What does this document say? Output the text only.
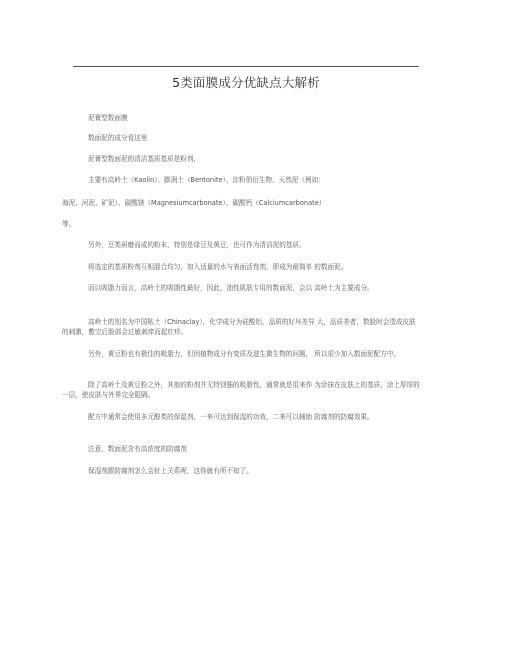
5类面膜成分优缺点大解析

泥膏型数面膜

数面泥的成分看这里

泥膏型数面泥的清洁基质基质是粉剂，

主要有高岭土（Kaolin）、膨润土（Bentonite）、淀粉俏衍生物、天然泥（例如：

海泥、河泥、矿泥）、碳酸镁（Magnesiumcarbonate）、碳酸钙（Calciumcarbonate）

等。

另外，豆类研磨而成的粉末，特别是绿豆及黄豆，也可作为清洁泥的基质。

将选定的基质粉剂互相混合均匀，加入适量的水与表面活性剂，即成为最简单 的数面泥。

而以吸脂力而言，高岭土的吸脂性最好，因此，油性肌肤专用的数面泥，会以 高岭土为主要成分。

高岭土的别名为中国粘土（Chinaclay），化学成分为硅酸铝，品质的好坏差异 大，品质差者，数脸时会造成皮肤的刺激，敷完后脸部会过敏刺痒而起红疹。

另外，黄豆粉也有极佳的吸脂力，但因植物成分有变质及滋生微生物的问题， 所以很少加入数面泥配方中。

除了高岭土及黄豆粉之外，其他的粉剂并无特别强的吸脂性，通常就是用来作 为涂抹在皮肤上的基质，涂上厚厚的一层，使皮肤与外界完全阻隔。

配方中通常会使用多元醇类的保湿剂，一来可达到保湿的功效，二来可以辅助 防腐剂的防腐效果。

注意，数面泥含有高浓度的防腐剂

保湿剂跟防腐剂怎么会扯上关系呢，这你就有所不知了。
